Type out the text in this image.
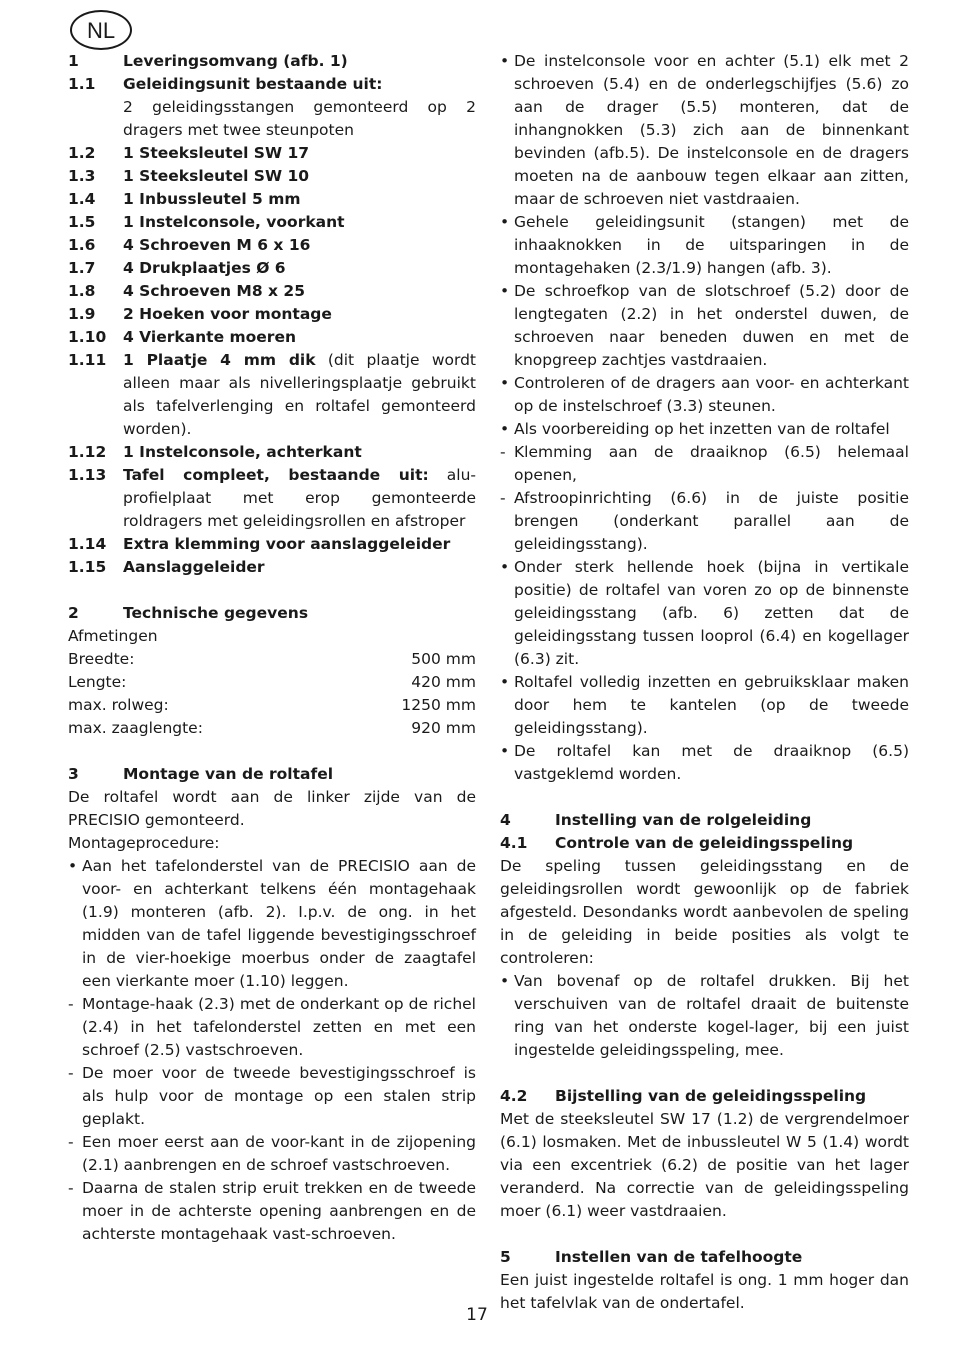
NL
1	Leveringsomvang (afb. 1)
1.1	Geleidingsunit bestaande uit:
2 geleidingsstangen gemonteerd op 2 dragers met twee steunpoten
1.2	1 Steeksleutel SW 17
1.3	1 Steeksleutel SW 10
1.4	1 Inbussleutel 5 mm
1.5	1 Instelconsole, voorkant
1.6	4 Schroeven M 6 x 16
1.7	4 Drukplaatjes Ø 6
1.8	4 Schroeven M8 x 25
1.9	2 Hoeken voor montage
1.10	4 Vierkante moeren
1.11	1 Plaatje 4 mm dik (dit plaatje wordt alleen maar als nivelleringsplaatje gebruikt als tafelverlenging en roltafel gemonteerd worden).
1.12	1 Instelconsole, achterkant
1.13	Tafel compleet, bestaande uit: alu-profielplaat met erop gemonteerde roldragers met geleidingsrollen en afstroper
1.14	Extra klemming voor aanslaggeleider
1.15	Aanslaggeleider
2	Technische gegevens
Afmetingen
Breedte:	500 mm
Lengte:	420 mm
max. rolweg:	1250 mm
max. zaaglengte:	920 mm
3	Montage van de roltafel
De roltafel wordt aan de linker zijde van de PRECISIO gemonteerd.
Montageprocedure:
• Aan het tafelonderstel van de PRECISIO aan de voor- en achterkant telkens één montagehaak (1.9) monteren (afb. 2). I.p.v. de ong. in het midden van de tafel liggende bevestigingsschroef in de vier-hoekige moerbus onder de zaagtafel een vierkante moer (1.10) leggen.
- Montage-haak (2.3) met de onderkant op de richel (2.4) in het tafelonderstel zetten en met een schroef (2.5) vastschroeven.
- De moer voor de tweede bevestigingsschroef is als hulp voor de montage op een stalen strip geplakt.
- Een moer eerst aan de voor-kant in de zijopening (2.1) aanbrengen en de schroef vastschroeven.
- Daarna de stalen strip eruit trekken en de tweede moer in de achterste opening aanbrengen en de achterste montagehaak vast-schroeven.
• De instelconsole voor en achter (5.1) elk met 2 schroeven (5.4) en de onderlegschijfjes (5.6) zo aan de drager (5.5) monteren, dat de inhangnokken (5.3) zich aan de binnenkant bevinden (afb.5). De instelconsole en de dragers moeten na de aanbouw tegen elkaar aan zitten, maar de schroeven niet vastdraaien.
• Gehele geleidingsunit (stangen) met de inhaaknokken in de uitsparingen in de montagehaken (2.3/1.9) hangen (afb. 3).
• De schroefkop van de slotschroef (5.2) door de lengtegaten (2.2) in het onderstel duwen, de schroeven naar beneden duwen en met de knopgreep zachtjes vastdraaien.
• Controleren of de dragers aan voor- en achterkant op de instelschroef (3.3) steunen.
• Als voorbereiding op het inzetten van de roltafel
- Klemming aan de draaiknop (6.5) helemaal openen,
- Afstroopinrichting (6.6) in de juiste positie brengen (onderkant parallel aan de geleidingsstang).
• Onder sterk hellende hoek (bijna in vertikale positie) de roltafel van voren zo op de binnenste geleidingsstang (afb. 6) zetten dat de geleidingsstang tussen looprol (6.4) en kogellager (6.3) zit.
• Roltafel volledig inzetten en gebruiksklaar maken door hem te kantelen (op de tweede geleidingsstang).
• De roltafel kan met de draaiknop (6.5) vastgeklemd worden.
4	Instelling van de rolgeleiding
4.1	Controle van de geleidingsspeling
De speling tussen geleidingsstang en de geleidingsrollen wordt gewoonlijk op de fabriek afgesteld. Desondanks wordt aanbevolen de speling in de geleiding in beide posities als volgt te controleren:
• Van bovenaf op de roltafel drukken. Bij het verschuiven van de roltafel draait de buitenste ring van het onderste kogel-lager, bij een juist ingestelde geleidingsspeling, mee.
4.2	Bijstelling van de geleidingsspeling
Met de steeksleutel SW 17 (1.2) de vergrendelmoer (6.1) losmaken. Met de inbussleutel W 5 (1.4) wordt via een excentriek (6.2) de positie van het lager veranderd. Na correctie van de geleidingsspeling moer (6.1) weer vastdraaien.
5	Instellen van de tafelhoogte
Een juist ingestelde roltafel is ong. 1 mm hoger dan het tafelvlak van de ondertafel.
17
